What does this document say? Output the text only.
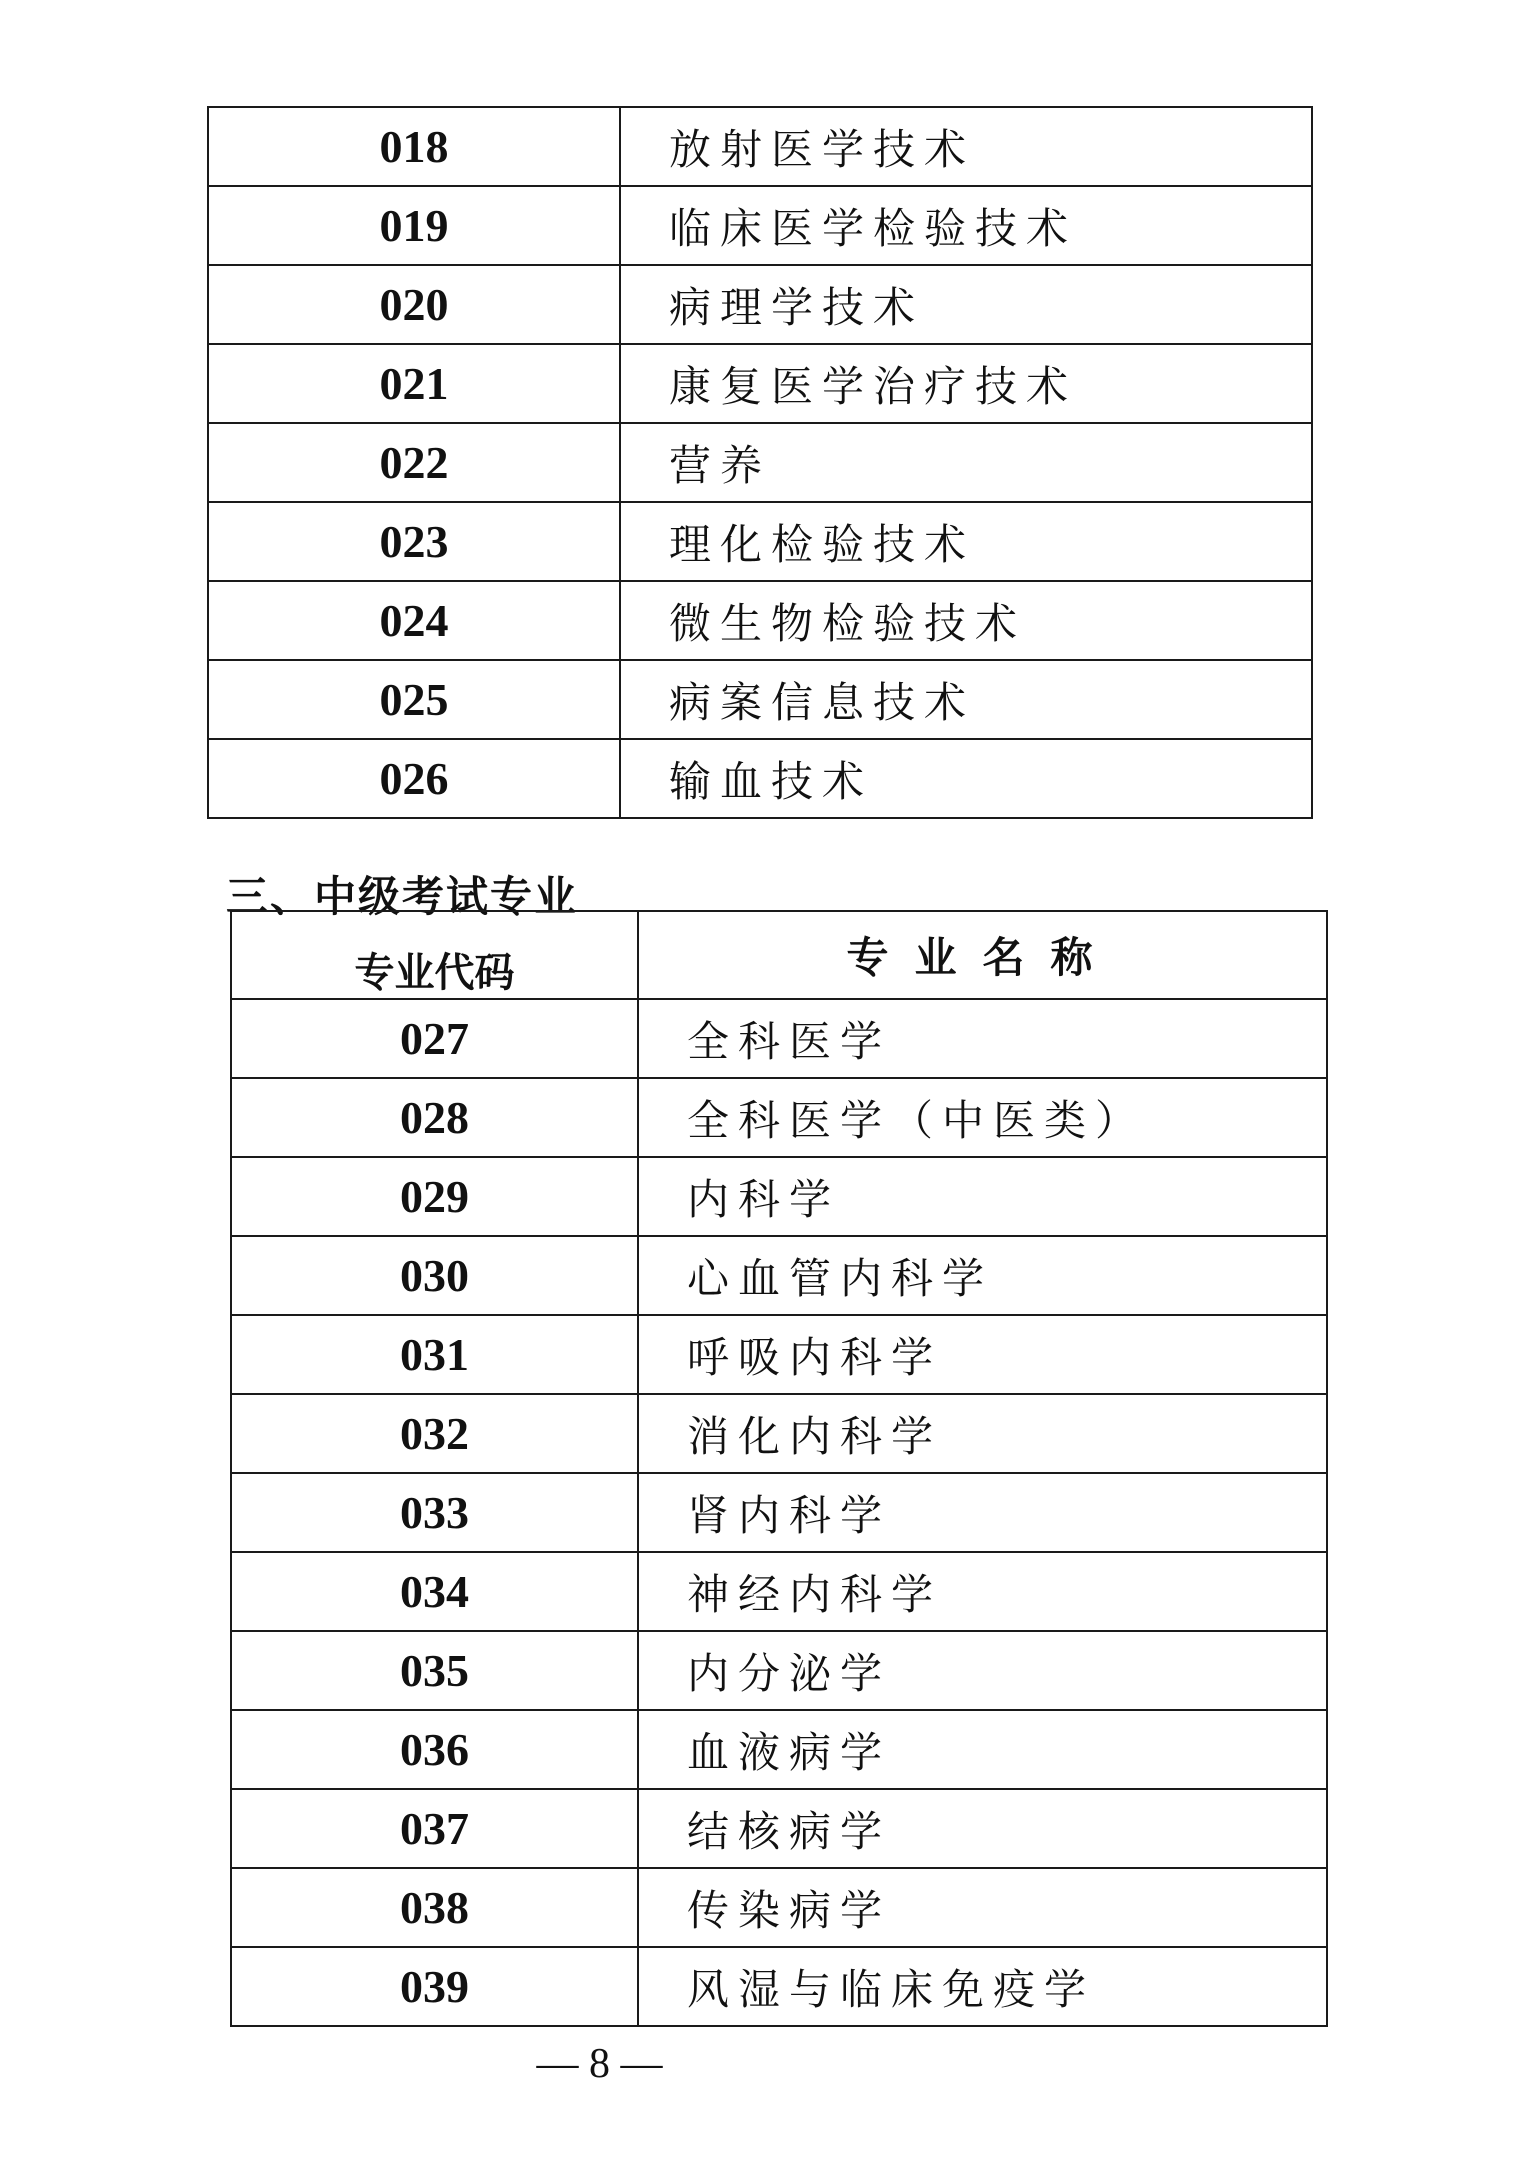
018	放射医学技术
019	临床医学检验技术
020	病理学技术
021	康复医学治疗技术
022	营养
023	理化检验技术
024	微生物检验技术
025	病案信息技术
026	输血技术
三、中级考试专业
专业代码	专业名称
027	全科医学
028	全科医学（中医类）
029	内科学
030	心血管内科学
031	呼吸内科学
032	消化内科学
033	肾内科学
034	神经内科学
035	内分泌学
036	血液病学
037	结核病学
038	传染病学
039	风湿与临床免疫学
— 8 —
